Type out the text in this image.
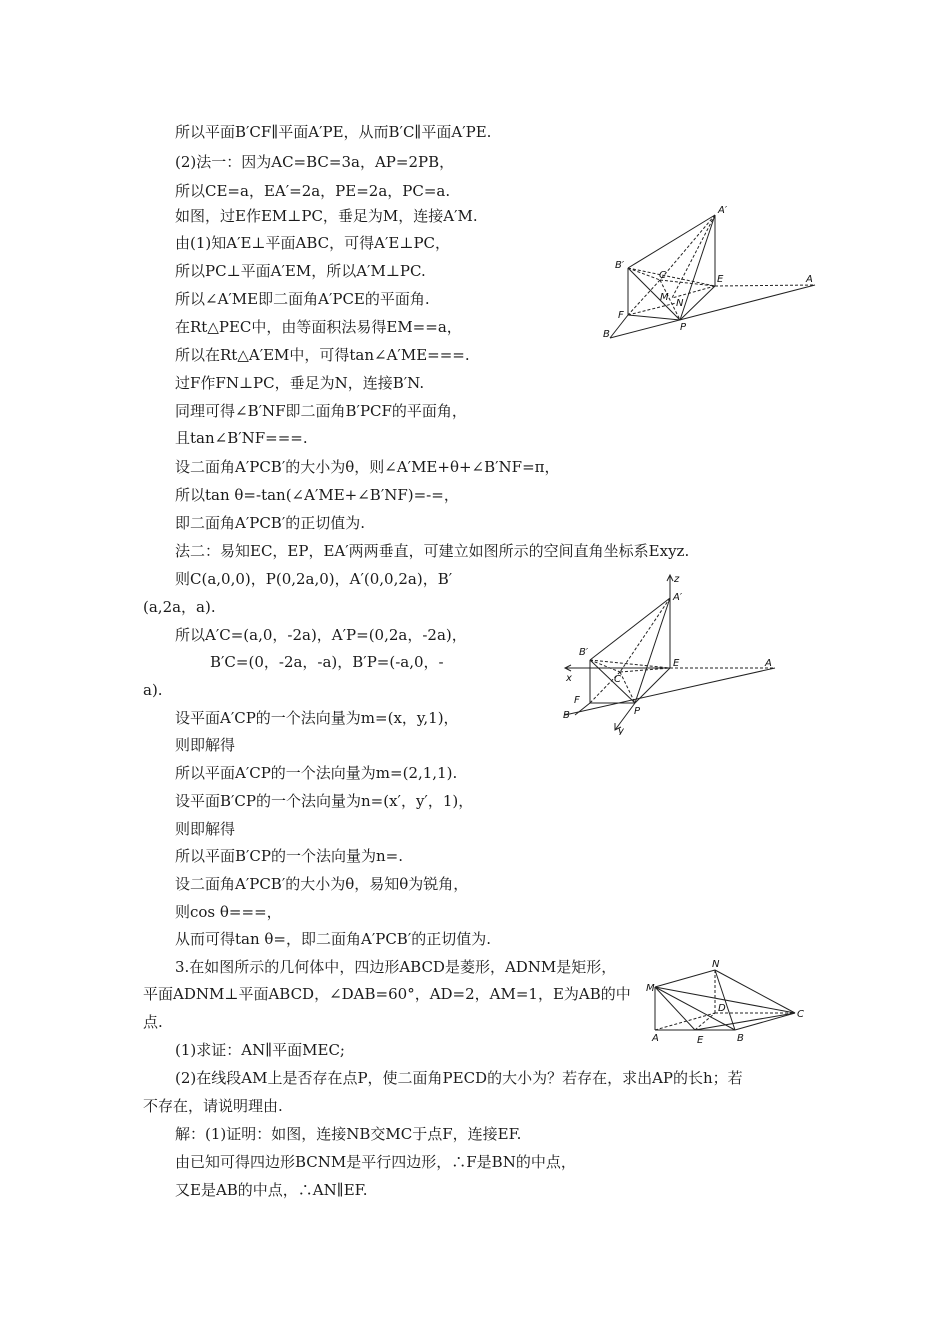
所以平面B′CF∥平面A′PE，从而B′C∥平面A′PE.
(2)法一：因为AC=BC=3a，AP=2PB，
所以CE=a，EA′=2a，PE=2a，PC=a.
如图，过E作EM⊥PC，垂足为M，连接A′M.
由(1)知A′E⊥平面ABC，可得A′E⊥PC，
所以PC⊥平面A′EM，所以A′M⊥PC.
所以∠A′ME即二面角A′PCE的平面角.
在Rt△PEC中，由等面积法易得EM==a，
所以在Rt△A′EM中，可得tan∠A′ME===.
过F作FN⊥PC，垂足为N，连接B′N.
同理可得∠B′NF即二面角B′PCF的平面角，
且tan∠B′NF===.
设二面角A′PCB′的大小为θ，则∠A′ME+θ+∠B′NF=π，
所以tan θ=-tan(∠A′ME+∠B′NF)=-=，
即二面角A′PCB′的正切值为.
法二：易知EC，EP，EA′两两垂直，可建立如图所示的空间直角坐标系Exyz.
则C(a,0,0)，P(0,2a,0)，A′(0,0,2a)，B′
(a,2a，a).
所以A′C=(a,0，-2a)，A′P=(0,2a，-2a)，
B′C=(0，-2a，-a)，B′P=(-a,0，-
a).
设平面A′CP的一个法向量为m=(x，y,1)，
则即解得
所以平面A′CP的一个法向量为m=(2,1,1).
设平面B′CP的一个法向量为n=(x′，y′，1)，
则即解得
所以平面B′CP的一个法向量为n=.
设二面角A′PCB′的大小为θ，易知θ为锐角，
则cos θ===，
从而可得tan θ=，即二面角A′PCB′的正切值为.
3.在如图所示的几何体中，四边形ABCD是菱形，ADNM是矩形，
平面ADNM⊥平面ABCD，∠DAB=60°，AD=2，AM=1，E为AB的中
点.
(1)求证：AN∥平面MEC;
(2)在线段AM上是否存在点P，使二面角PECD的大小为？若存在，求出AP的长h；若
不存在，请说明理由.
解：(1)证明：如图，连接NB交MC于点F，连接EF.
由已知可得四边形BCNM是平行四边形，∴F是BN的中点，
又E是AB的中点，∴AN∥EF.
A′
B′
C	E	A
M
N
F
P
B
z
A′
B′
E	A
x	C
F
P
B
y
N
M
D
C
A	E	B
